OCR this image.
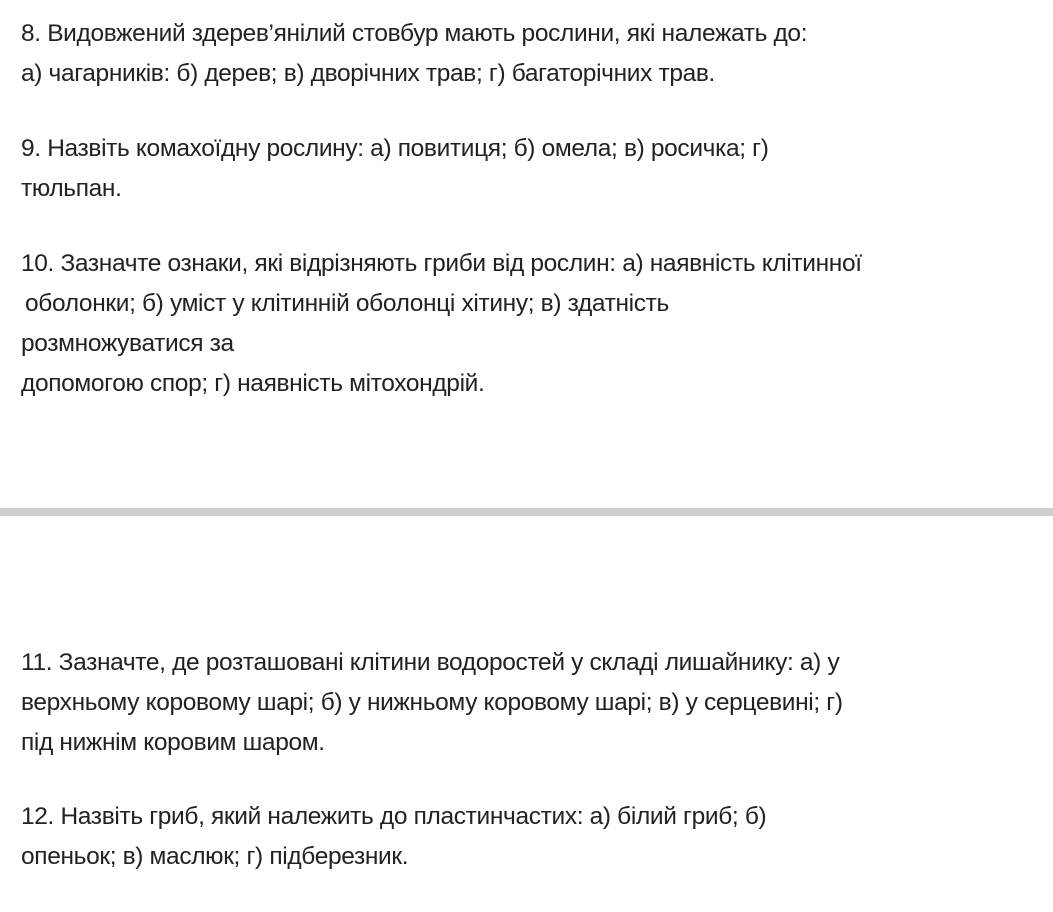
8. Видовжений здерев’янілий стовбур мають рослини, які належать до:
а) чагарників: б) дерев; в) дворічних трав; г) багаторічних трав.
9. Назвіть комахоїдну рослину: а) повитиця; б) омела; в) росичка; г)
тюльпан.
10. Зазначте ознаки, які відрізняють гриби від рослин: а) наявність клітинної
оболонки; б) уміст у клітинній оболонці хітину; в) здатність
розмножуватися за
допомогою спор; г) наявність мітохондрій.
11. Зазначте, де розташовані клітини водоростей у складі лишайнику: а) у
верхньому коровому шарі; б) у нижньому коровому шарі; в) у серцевині; г)
під нижнім коровим шаром.
12. Назвіть гриб, який належить до пластинчастих: а) білий гриб; б)
опеньок; в) маслюк; г) підберезник.
